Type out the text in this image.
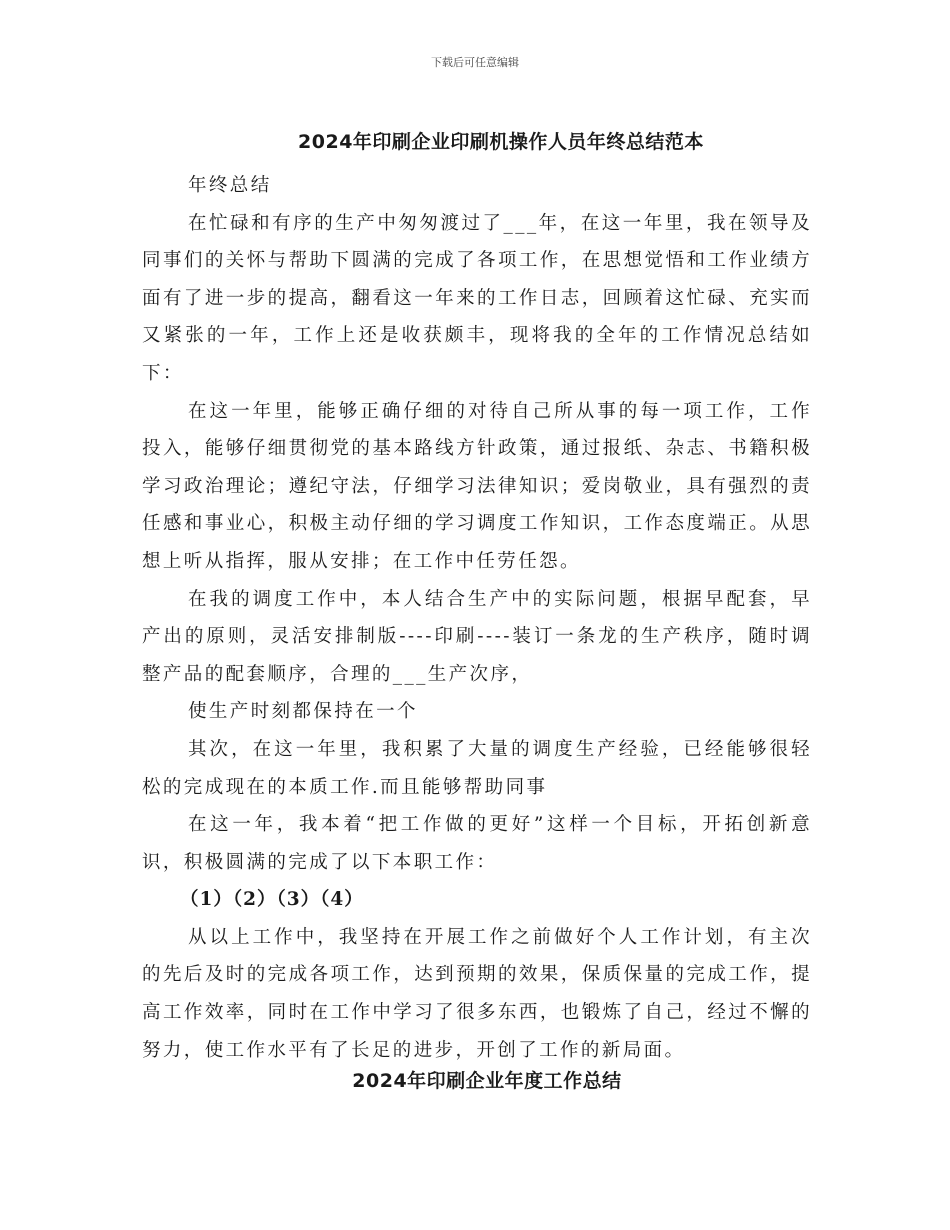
下载后可任意编辑
2024年印刷企业印刷机操作人员年终总结范本

年终总结

在忙碌和有序的生产中匆匆渡过了___年，在这一年里，我在领导及同事们的关怀与帮助下圆满的完成了各项工作，在思想觉悟和工作业绩方面有了进一步的提高，翻看这一年来的工作日志，回顾着这忙碌、充实而又紧张的一年，工作上还是收获颇丰，现将我的全年的工作情况总结如下：

在这一年里，能够正确仔细的对待自己所从事的每一项工作，工作投入，能够仔细贯彻党的基本路线方针政策，通过报纸、杂志、书籍积极学习政治理论；遵纪守法，仔细学习法律知识；爱岗敬业，具有强烈的责任感和事业心，积极主动仔细的学习调度工作知识，工作态度端正。从思想上听从指挥，服从安排；在工作中任劳任怨。

在我的调度工作中，本人结合生产中的实际问题，根据早配套，早产出的原则，灵活安排制版----印刷----装订一条龙的生产秩序，随时调整产品的配套顺序，合理的___生产次序，

使生产时刻都保持在一个

其次，在这一年里，我积累了大量的调度生产经验，已经能够很轻松的完成现在的本质工作.而且能够帮助同事

在这一年，我本着“把工作做的更好”这样一个目标，开拓创新意识，积极圆满的完成了以下本职工作：

（1）（2）（3）（4）

从以上工作中，我坚持在开展工作之前做好个人工作计划，有主次的先后及时的完成各项工作，达到预期的效果，保质保量的完成工作，提高工作效率，同时在工作中学习了很多东西，也锻炼了自己，经过不懈的努力，使工作水平有了长足的进步，开创了工作的新局面。

2024年印刷企业年度工作总结
